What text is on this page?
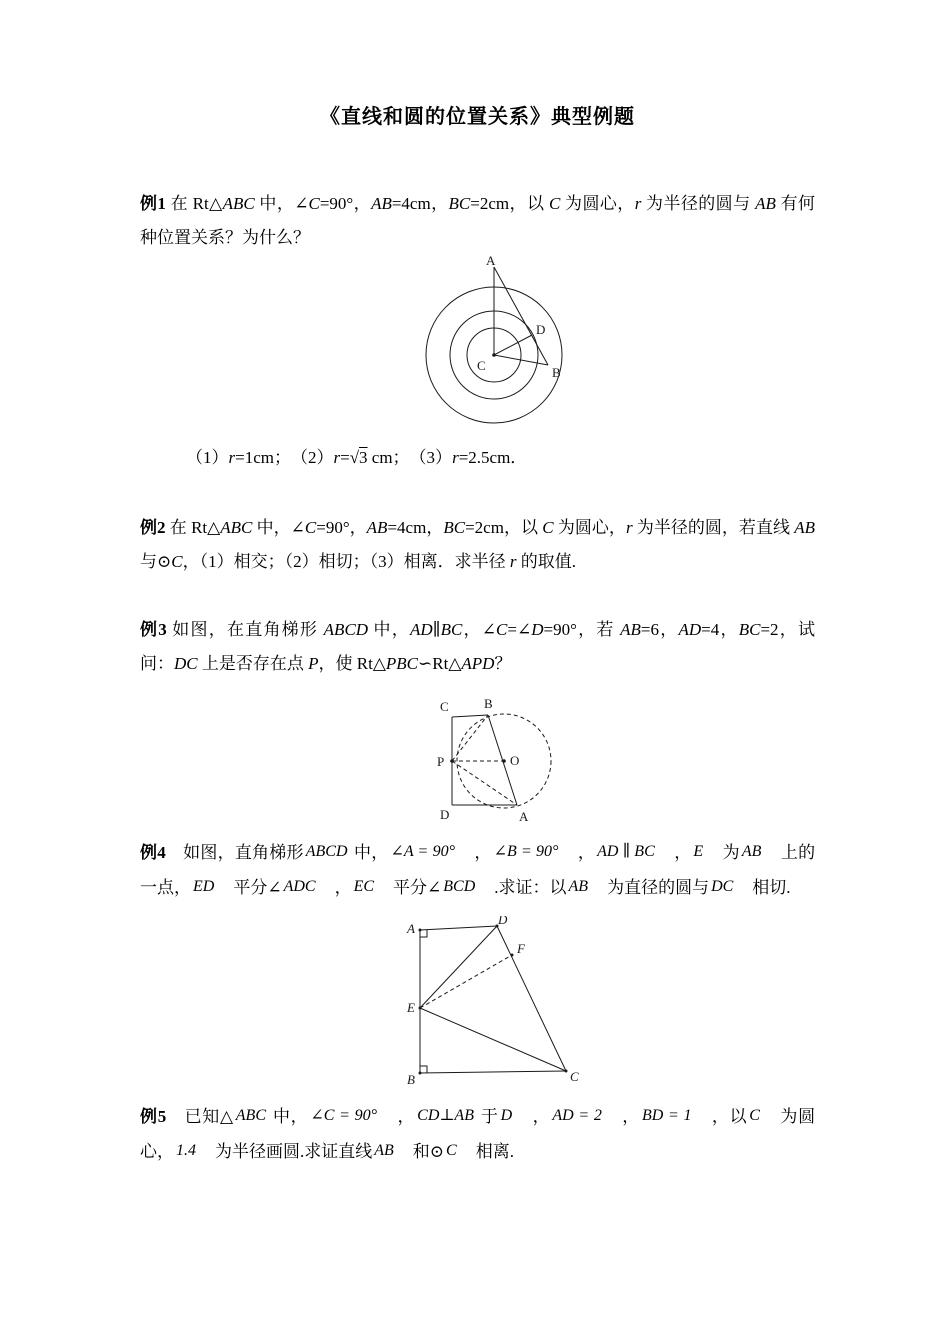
《直线和圆的位置关系》典型例题

例1 在 Rt△ABC 中，∠C=90°，AB=4cm，BC=2cm，以 C 为圆心，r 为半径的圆与 AB 有何种位置关系？为什么？

A
D
B
C

（1）r=1cm；　（2）r=√3 cm；　（3）r=2.5cm．

例2 在 Rt△ABC 中，∠C=90°，AB=4cm，BC=2cm，以 C 为圆心，r 为半径的圆，若直线 AB 与⊙C，（1）相交；（2）相切；（3）相离．求半径 r 的取值.

例3 如图，在直角梯形 ABCD 中，AD∥BC，∠C=∠D=90°，若 AB=6，AD=4，BC=2，试问：DC 上是否存在点 P，使 Rt△PBC∽Rt△APD？

C	B
P	O
D	A

例4　如图，直角梯形 ABCD 中， ∠A = 90°　， ∠B = 90°　， AD ∥ BC　， E　为 AB　上的一点， ED　平分∠ ADC　， EC　平分∠ BCD　.求证：以 AB　为直径的圆与 DC　相切.

A
D
F
E
B	C

例5　已知△ ABC 中， ∠C = 90°　， CD⊥AB 于 D　， AD = 2　， BD = 1　，以 C　为圆心， 1.4　为半径画圆.求证直线 AB　和⊙ C　相离.
